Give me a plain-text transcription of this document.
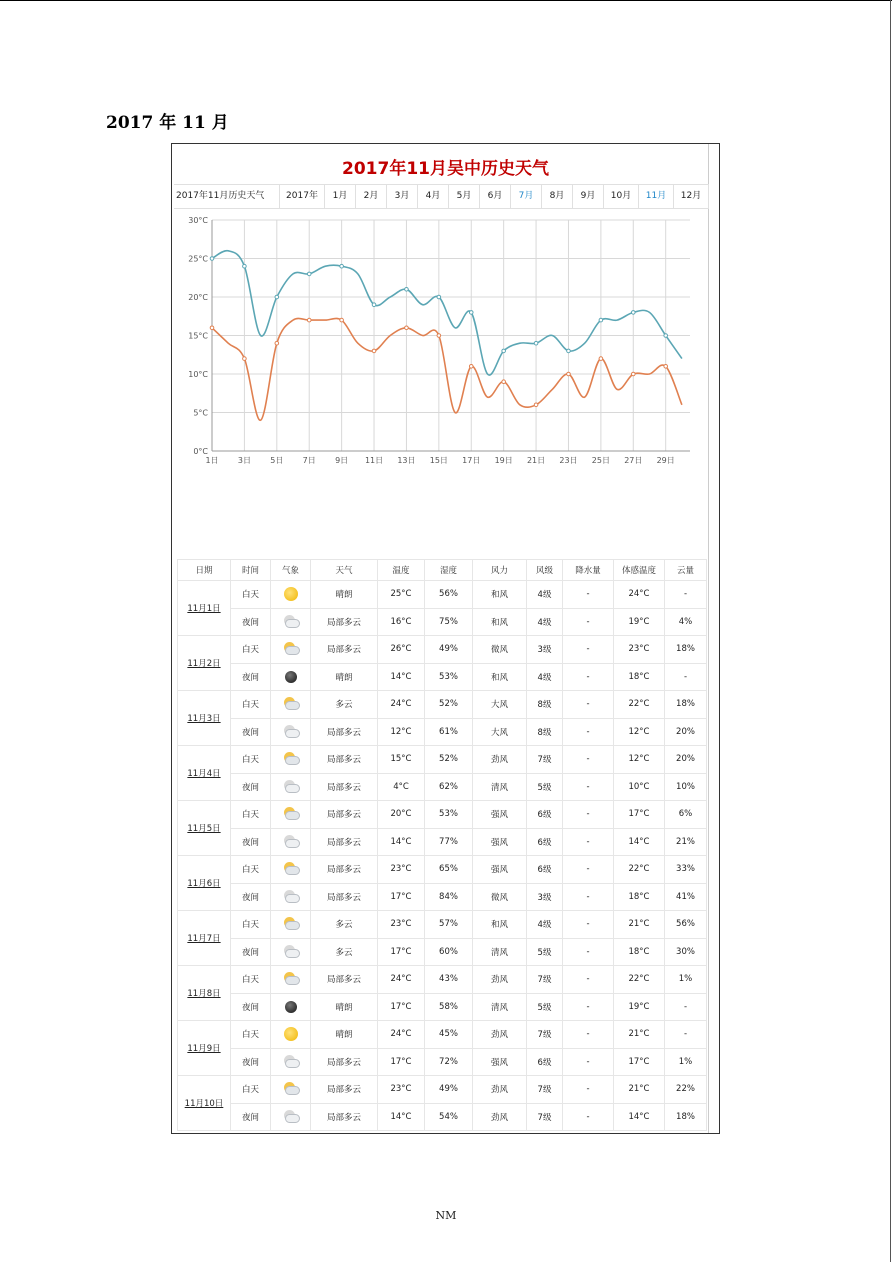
2017 年 11 月
2017年11月吴中历史天气
2017年11月历史天气	2017年	1月	2月	3月	4月	5月	6月	7月	8月	9月	10月	11月	12月
0°C
5°C
10°C
15°C
20°C
25°C
30°C
1日 3日 5日 7日 9日 11日 13日 15日 17日 19日 21日 23日 25日 27日 29日
日期	时间	气象	天气	温度	湿度	风力	风级	降水量	体感温度	云量
11月1日	白天		晴朗	25°C	56%	和风	4级	-	24°C	-
	夜间		局部多云	16°C	75%	和风	4级	-	19°C	4%
11月2日	白天		局部多云	26°C	49%	微风	3级	-	23°C	18%
	夜间		晴朗	14°C	53%	和风	4级	-	18°C	-
11月3日	白天		多云	24°C	52%	大风	8级	-	22°C	18%
	夜间		局部多云	12°C	61%	大风	8级	-	12°C	20%
11月4日	白天		局部多云	15°C	52%	劲风	7级	-	12°C	20%
	夜间		局部多云	4°C	62%	清风	5级	-	10°C	10%
11月5日	白天		局部多云	20°C	53%	强风	6级	-	17°C	6%
	夜间		局部多云	14°C	77%	强风	6级	-	14°C	21%
11月6日	白天		局部多云	23°C	65%	强风	6级	-	22°C	33%
	夜间		局部多云	17°C	84%	微风	3级	-	18°C	41%
11月7日	白天		多云	23°C	57%	和风	4级	-	21°C	56%
	夜间		多云	17°C	60%	清风	5级	-	18°C	30%
11月8日	白天		局部多云	24°C	43%	劲风	7级	-	22°C	1%
	夜间		晴朗	17°C	58%	清风	5级	-	19°C	-
11月9日	白天		晴朗	24°C	45%	劲风	7级	-	21°C	-
	夜间		局部多云	17°C	72%	强风	6级	-	17°C	1%
11月10日	白天		局部多云	23°C	49%	劲风	7级	-	21°C	22%
	夜间		局部多云	14°C	54%	劲风	7级	-	14°C	18%
NM
